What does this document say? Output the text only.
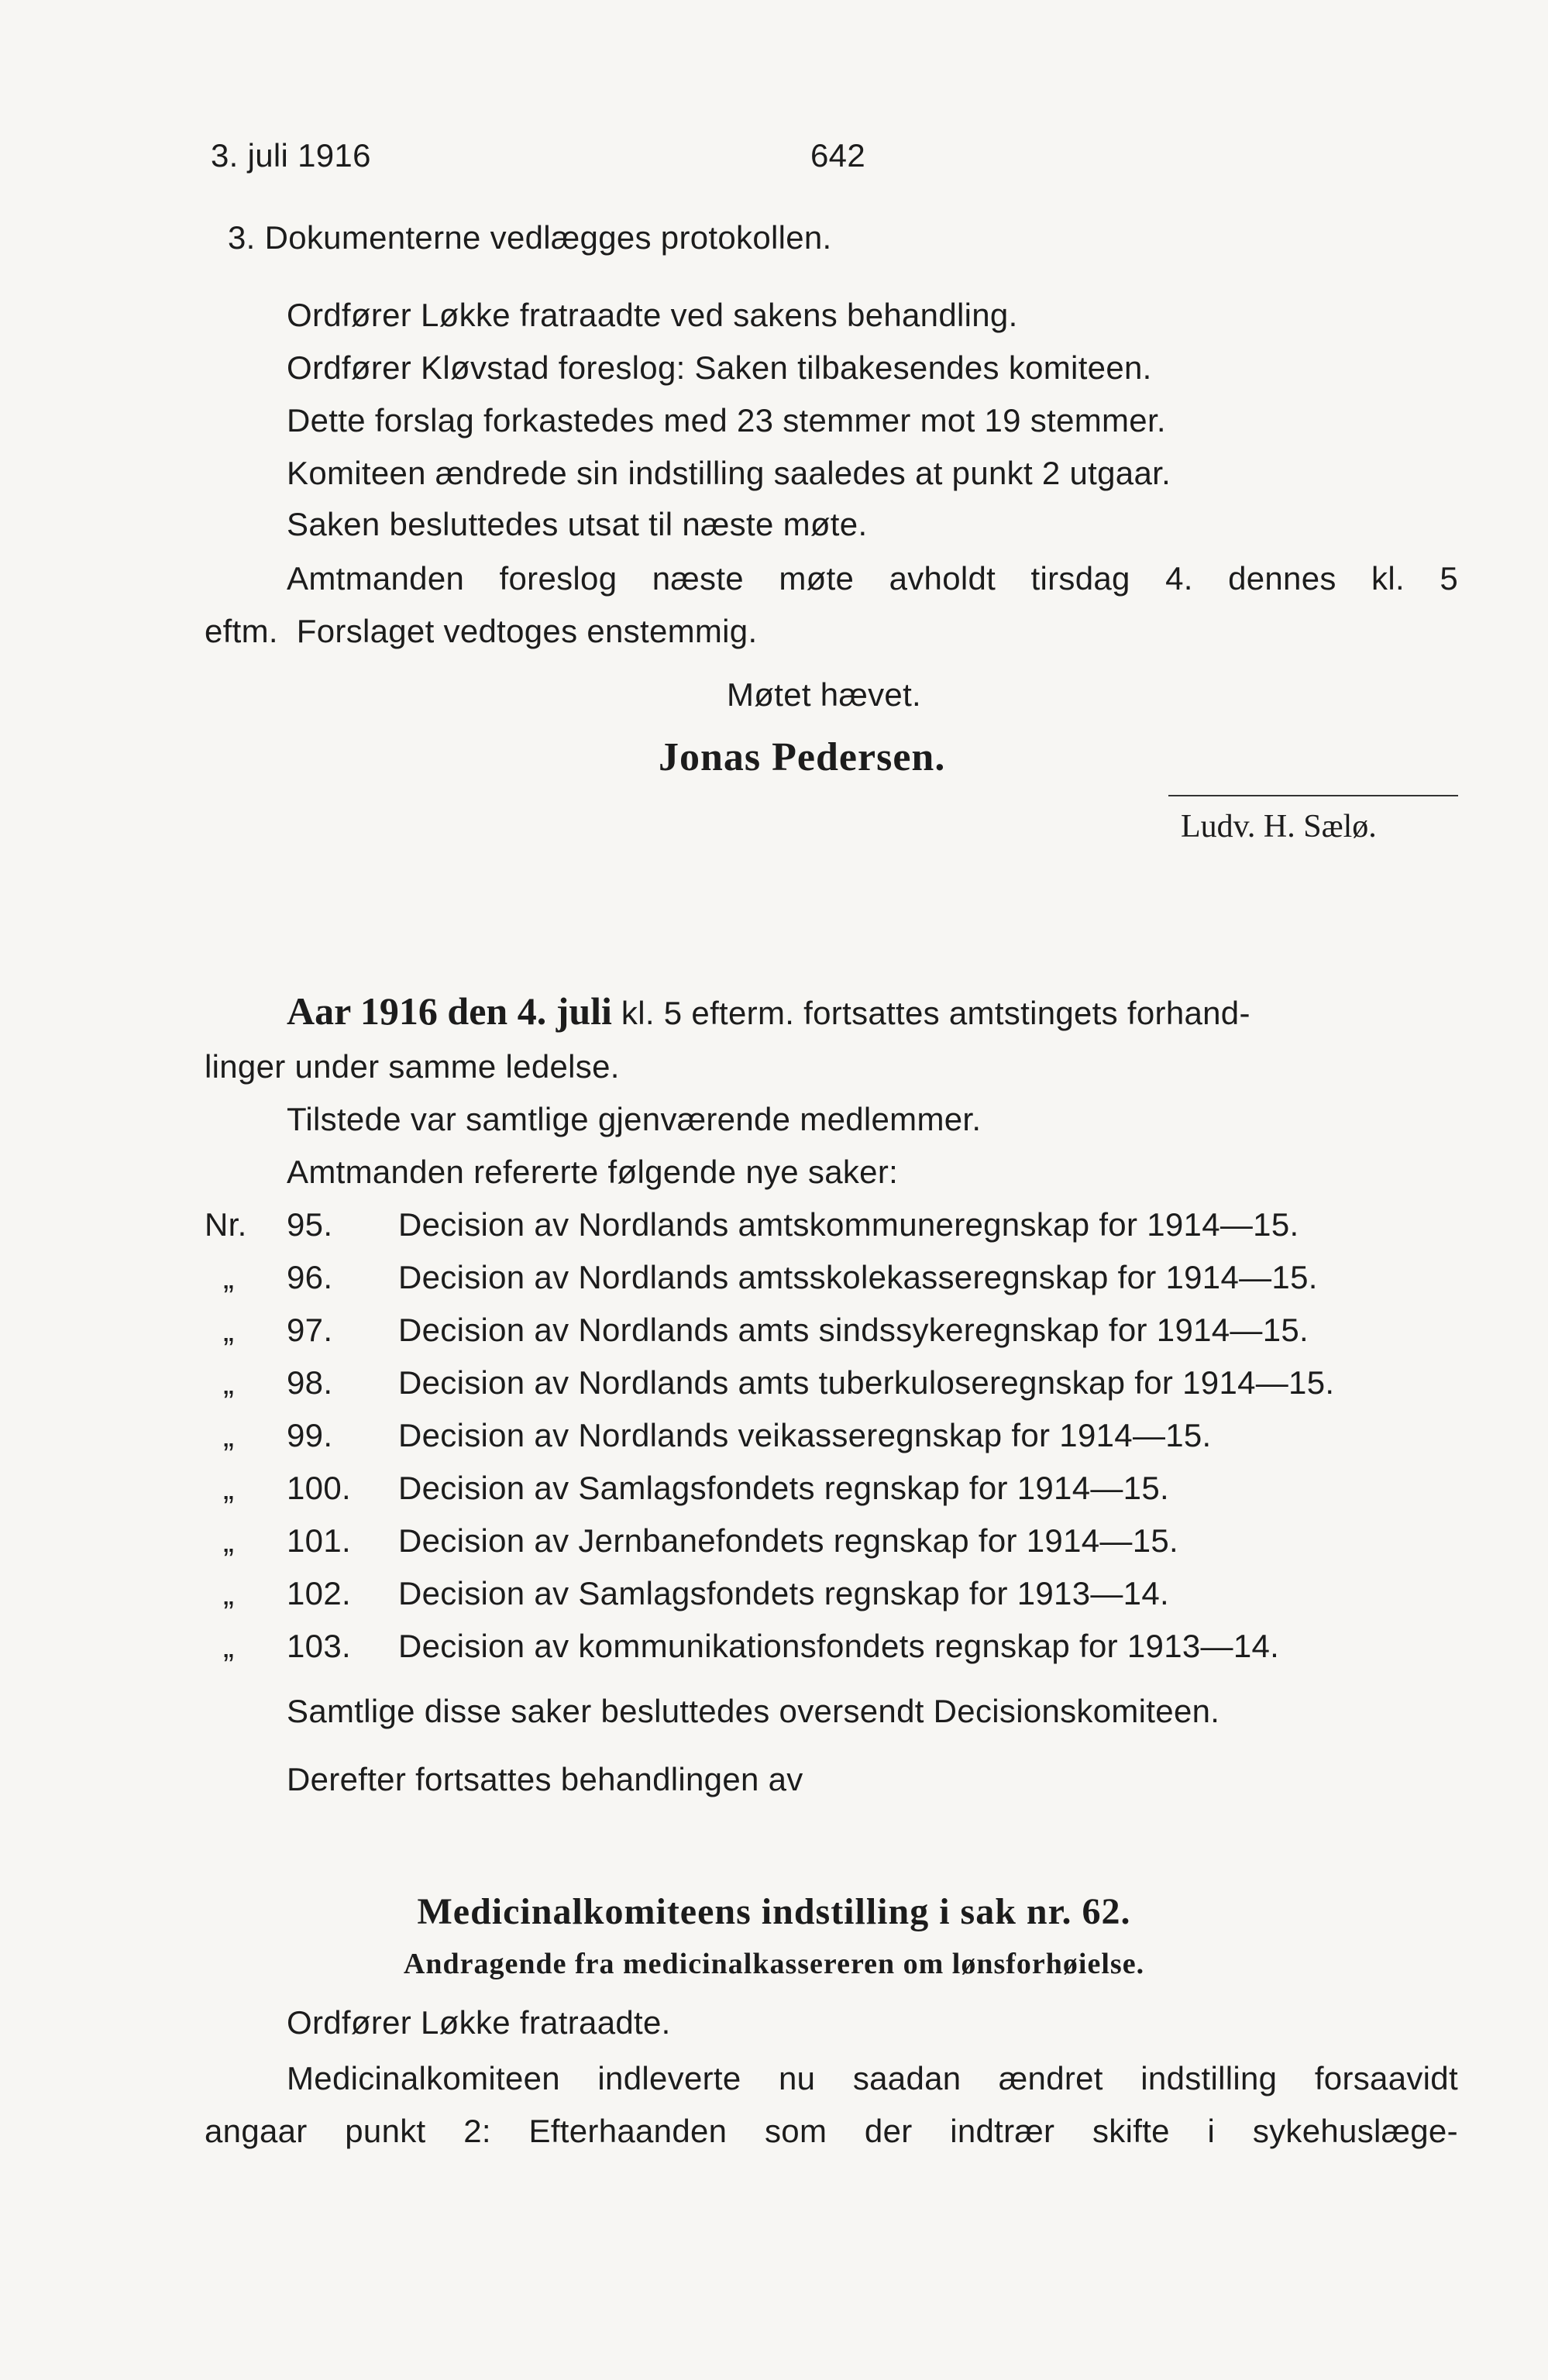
3. juli 1916	642
3. Dokumenterne vedlægges protokollen.
Ordfører Løkke fratraadte ved sakens behandling.
Ordfører Kløvstad foreslog: Saken tilbakesendes komiteen.
Dette forslag forkastedes med 23 stemmer mot 19 stemmer.
Komiteen ændrede sin indstilling saaledes at punkt 2 utgaar.
Saken besluttedes utsat til næste møte.
Amtmanden foreslog næste møte avholdt tirsdag 4. dennes kl. 5
eftm.  Forslaget vedtoges enstemmig.
Møtet hævet.
Jonas Pedersen.
Ludv. H. Sælø.
Aar 1916 den 4. juli kl. 5 efterm. fortsattes amtstingets forhand-
linger under samme ledelse.
Tilstede var samtlige gjenværende medlemmer.
Amtmanden refererte følgende nye saker:
Nr. 95. Decision av Nordlands amtskommuneregnskap for 1914—15.
„ 96. Decision av Nordlands amtsskolekasseregnskap for 1914—15.
„ 97. Decision av Nordlands amts sindssykeregnskap for 1914—15.
„ 98. Decision av Nordlands amts tuberkuloseregnskap for 1914—15.
„ 99. Decision av Nordlands veikasseregnskap for 1914—15.
„ 100. Decision av Samlagsfondets regnskap for 1914—15.
„ 101. Decision av Jernbanefondets regnskap for 1914—15.
„ 102. Decision av Samlagsfondets regnskap for 1913—14.
„ 103. Decision av kommunikationsfondets regnskap for 1913—14.
Samtlige disse saker besluttedes oversendt Decisionskomiteen.
Derefter fortsattes behandlingen av
Medicinalkomiteens indstilling i sak nr. 62.
Andragende fra medicinalkassereren om lønsforhøielse.
Ordfører Løkke fratraadte.
Medicinalkomiteen indleverte nu saadan ændret indstilling forsaavidt
angaar punkt 2: Efterhaanden som der indtrær skifte i sykehuslæge-
